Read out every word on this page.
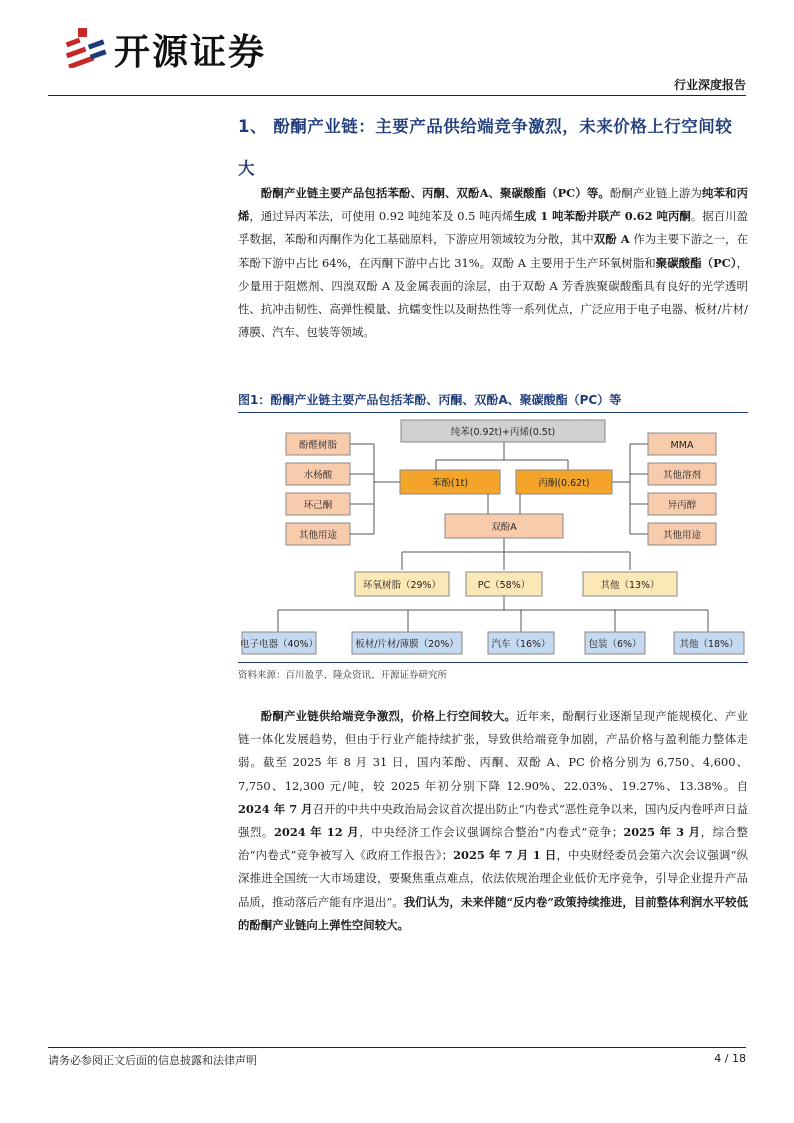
开源证券
行业深度报告
1、 酚酮产业链：主要产品供给端竞争激烈，未来价格上行空间较大
酚酮产业链主要产品包括苯酚、丙酮、双酚A、聚碳酸酯（PC）等。酚酮产业链上游为纯苯和丙烯，通过异丙苯法，可使用 0.92 吨纯苯及 0.5 吨丙烯生成 1 吨苯酚并联产 0.62 吨丙酮。据百川盈孚数据，苯酚和丙酮作为化工基础原料，下游应用领域较为分散，其中双酚 A 作为主要下游之一，在苯酚下游中占比 64%，在丙酮下游中占比 31%。双酚 A 主要用于生产环氧树脂和聚碳酸酯（PC），少量用于阻燃剂、四溴双酚 A 及金属表面的涂层，由于双酚 A 芳香族聚碳酸酯具有良好的光学透明性、抗冲击韧性、高弹性模量、抗蠕变性以及耐热性等一系列优点，广泛应用于电子电器、板材/片材/薄膜、汽车、包装等领域。
图1：酚酮产业链主要产品包括苯酚、丙酮、双酚A、聚碳酸酯（PC）等
纯苯(0.92t)+丙烯(0.5t)
苯酚(1t)	丙酮(0.62t)
酚醛树脂
水杨酸
环己酮
其他用途
MMA
其他溶剂
异丙醇
其他用途
双酚A
环氧树脂（29%）	PC（58%）	其他（13%）
电子电器（40%）	板材/片材/薄膜（20%）	汽车（16%）	包装（6%）	其他（18%）
资料来源：百川盈孚、隆众资讯、开源证券研究所
酚酮产业链供给端竞争激烈，价格上行空间较大。近年来，酚酮行业逐渐呈现产能规模化、产业链一体化发展趋势，但由于行业产能持续扩张，导致供给端竞争加剧，产品价格与盈利能力整体走弱。截至 2025 年 8 月 31 日，国内苯酚、丙酮、双酚 A、PC 价格分别为 6,750、4,600、7,750、12,300 元/吨，较 2025 年初分别下降 12.90%、22.03%、19.27%、13.38%。自 2024 年 7 月召开的中共中央政治局会议首次提出防止“内卷式”恶性竞争以来，国内反内卷呼声日益强烈。2024 年 12 月，中央经济工作会议强调综合整治“内卷式”竞争；2025 年 3 月，综合整治“内卷式”竞争被写入《政府工作报告》；2025 年 7 月 1 日，中央财经委员会第六次会议强调“纵深推进全国统一大市场建设，要聚焦重点难点，依法依规治理企业低价无序竞争，引导企业提升产品品质，推动落后产能有序退出”。我们认为，未来伴随“反内卷”政策持续推进，目前整体利润水平较低的酚酮产业链向上弹性空间较大。
请务必参阅正文后面的信息披露和法律声明	4 / 18
